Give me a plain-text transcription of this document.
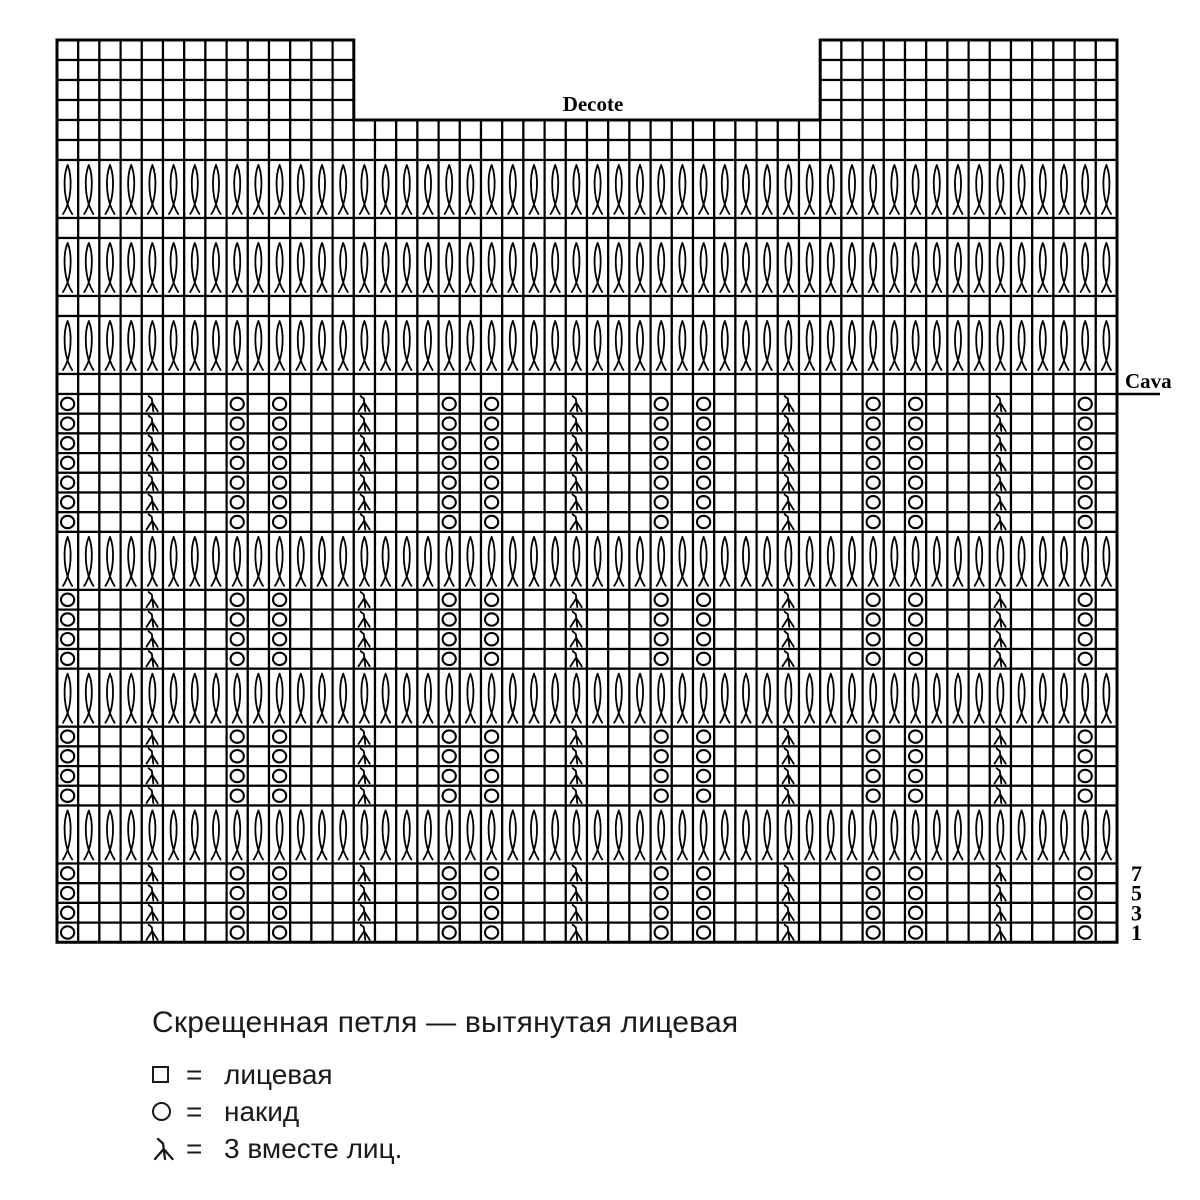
Decote
Cava
7
5
3
1
Скрещенная петля — вытянутая лицевая
= лицевая
= накид
= 3 вместе лиц.
